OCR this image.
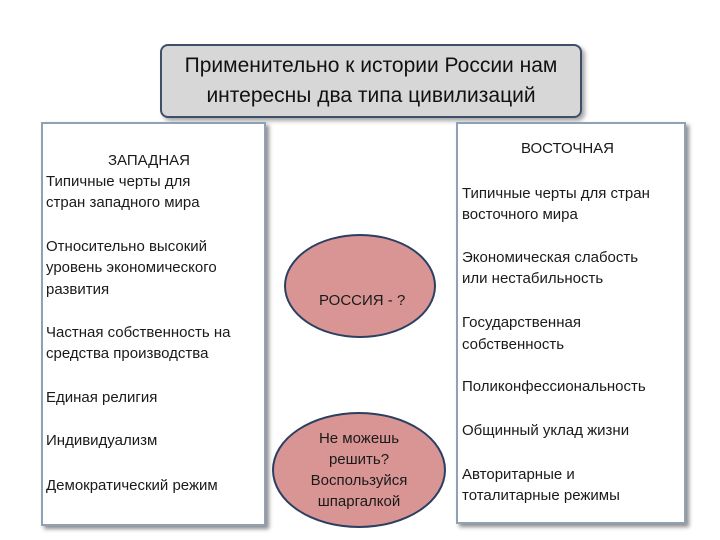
Применительно к истории России нам
интересны два типа цивилизаций
ЗАПАДНАЯ
Типичные черты для
стран западного мира
Относительно высокий
уровень экономического
развития
Частная собственность на
средства производства
Единая религия
Индивидуализм
Демократический режим
ВОСТОЧНАЯ
Типичные черты для стран
восточного мира
Экономическая слабость
или нестабильность
Государственная
собственность
Поликонфессиональность
Общинный уклад жизни
Авторитарные и
тоталитарные режимы
РОССИЯ - ?
Не можешь
решить?
Воспользуйся
шпаргалкой
